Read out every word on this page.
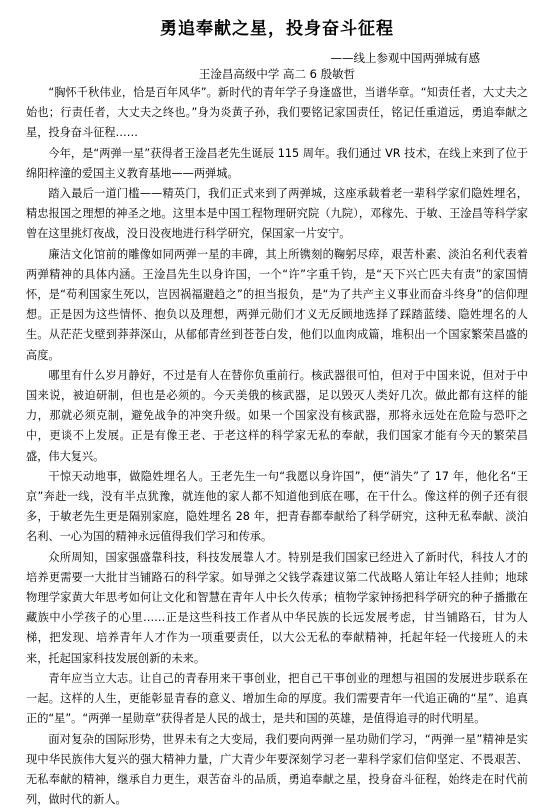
勇追奉献之星，投身奋斗征程
——线上参观中国两弹城有感
王淦昌高级中学 高二 6 殷敏哲

“胸怀千秋伟业，恰是百年风华”。新时代的青年学子身逢盛世，当谱华章。“知责任者，大丈夫之始也；行责任者，大丈夫之终也。”身为炎黄子孙，我们要铭记家国责任，铭记任重道远，勇追奉献之星，投身奋斗征程……

今年，是“两弹一星”获得者王淦昌老先生诞辰 115 周年。我们通过 VR 技术，在线上来到了位于绵阳梓潼的爱国主义教育基地——两弹城。

踏入最后一道门槛——精英门，我们正式来到了两弹城，这座承载着老一辈科学家们隐姓埋名，精忠报国之理想的神圣之地。这里本是中国工程物理研究院（九院），邓稼先、于敏、王淦昌等科学家曾在这里挑灯夜战，没日没夜地进行科学研究，保国家一片安宁。

廉洁文化馆前的雕像如同两弹一星的丰碑，其上所镌刻的鞠躬尽瘁，艰苦朴素、淡泊名利代表着两弹精神的具体内涵。王淦昌先生以身许国，一个“许”字重千钧，是“天下兴亡匹夫有责”的家国情怀，是“苟利国家生死以，岂因祸福避趋之”的担当报负，是“为了共产主义事业而奋斗终身”的信仰理想。正是因为这些情怀、抱负以及理想，两弹元勋们才义无反顾地选择了踩踏蓝缕、隐姓埋名的人生。从茫茫戈壁到莽莽深山，从郁郁青丝到苍苍白发，他们以血肉成篇，堆积出一个国家繁荣昌盛的高度。

哪里有什么岁月静好，不过是有人在替你负重前行。核武器很可怕，但对于中国来说，但对于中国来说，被迫研制，但也是必须的。今天美俄的核武器，足以毁灭人类好几次。做此都有这样的能力，那就必须克制，避免战争的冲突升级。如果一个国家没有核武器，那将永远处在危险与恐吓之中，更谈不上发展。正是有像王老、于老这样的科学家无私的奉献，我们国家才能有今天的繁荣昌盛，伟大复兴。

干惊天动地事，做隐姓埋名人。王老先生一句“我愿以身许国”，便“消失”了 17 年，他化名“王京”奔赴一线，没有半点犹豫，就连他的家人都不知道他到底在哪，在干什么。像这样的例子还有很多，于敏老先生更是隔别家庭，隐姓埋名 28 年，把青春都奉献给了科学研究，这种无私奉献、淡泊名利、一心为国的精神永远值得我们学习和传承。

众所周知，国家强盛靠科技，科技发展靠人才。特别是我们国家已经进入了新时代，科技人才的培养更需要一大批甘当铺路石的科学家。如导弹之父钱学森建议第二代战略人第让年轻人挂帅；地球物理学家黄大年思考如何让文化和智慧在青年人中长久传承；植物学家钟扬把科学研究的种子播撒在藏族中小学孩子的心里……正是这些科技工作者从中华民族的长远发展考虑，甘当铺路石，甘为人梯，把发现、培养青年人才作为一项重要责任，以大公无私的奉献精神，托起年轻一代接班人的未来，托起国家科技发展创新的未来。

青年应当立大志。让自己的青春用来干事创业，把自己干事创业的理想与祖国的发展进步联系在一起。这样的人生，更能彰显青春的意义、增加生命的厚度。我们需要青年一代追正确的“星”、追真正的“星”。“两弹一星勋章”获得者是人民的战士，是共和国的英雄，是值得追寻的时代明星。

面对复杂的国际形势，世界未有之大变局，我们要向两弹一星功勋们学习，“两弹一星”精神是实现中华民族伟大复兴的强大精神力量，广大青少年要深刻学习老一辈科学家们信仰坚定、不畏艰苦、无私奉献的精神，继承自力更生，艰苦奋斗的品质，勇追奉献之星，投身奋斗征程，始终走在时代前列，做时代的新人。
